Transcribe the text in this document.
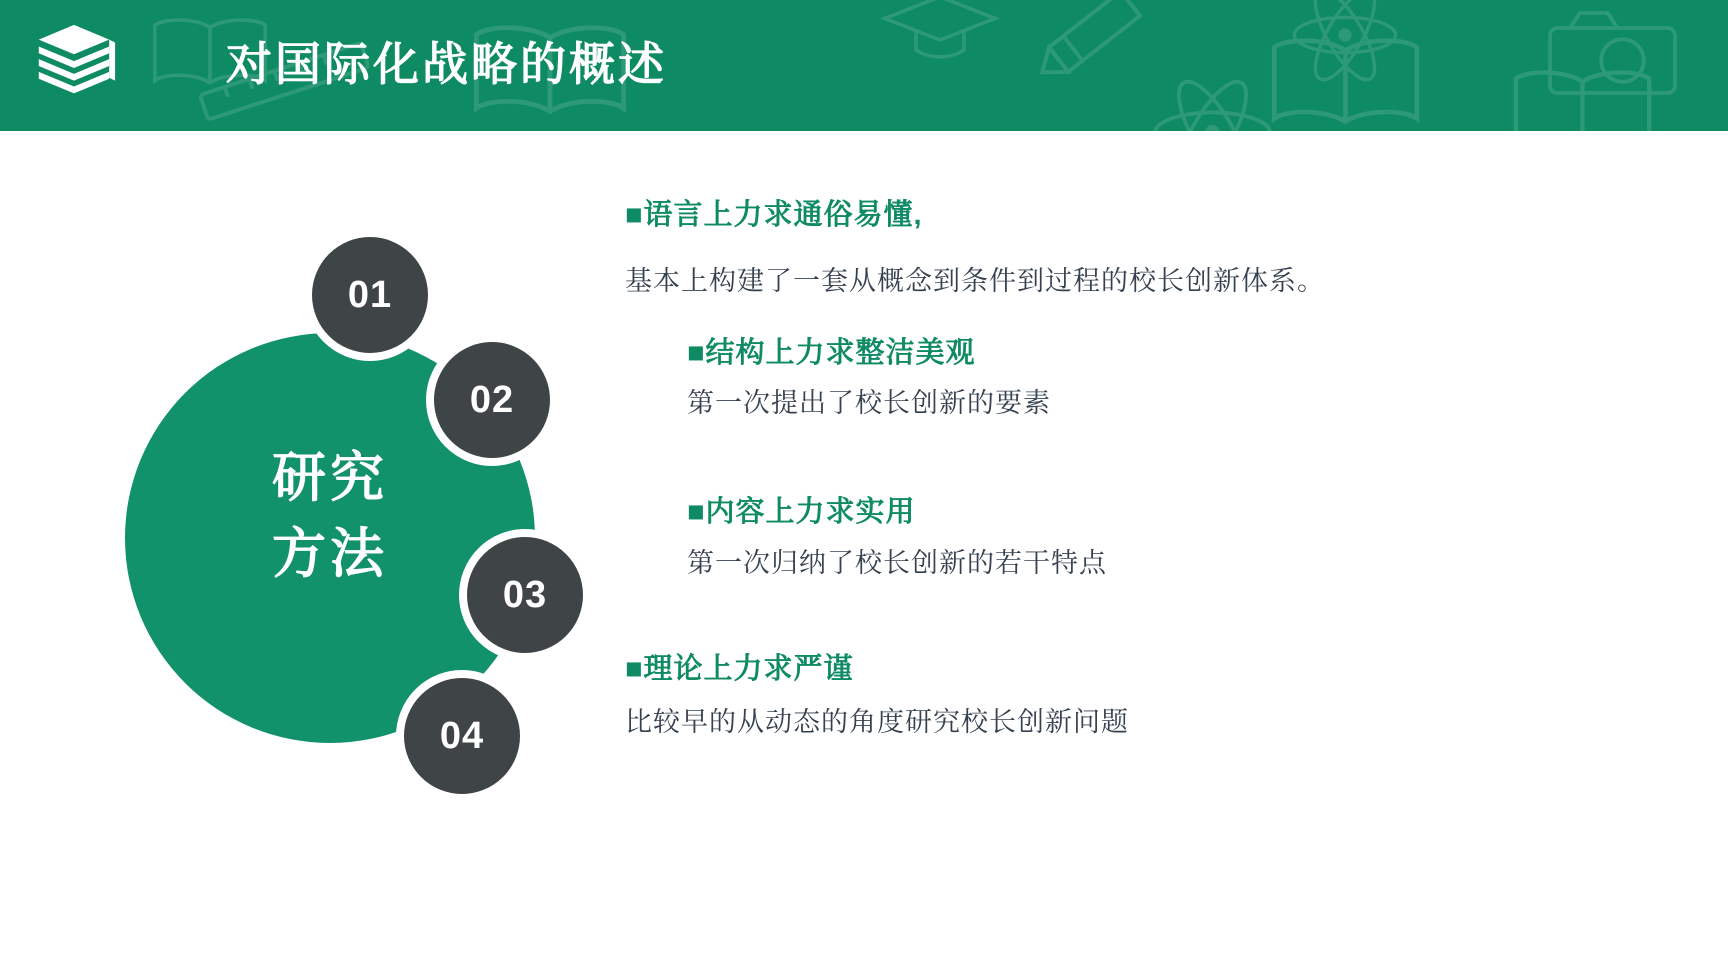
对国际化战略的概述
研究
方法
01
02
03
04
■语言上力求通俗易懂,

基本上构建了一套从概念到条件到过程的校长创新体系。

■结构上力求整洁美观

第一次提出了校长创新的要素

■内容上力求实用

第一次归纳了校长创新的若干特点

■理论上力求严谨

比较早的从动态的角度研究校长创新问题
